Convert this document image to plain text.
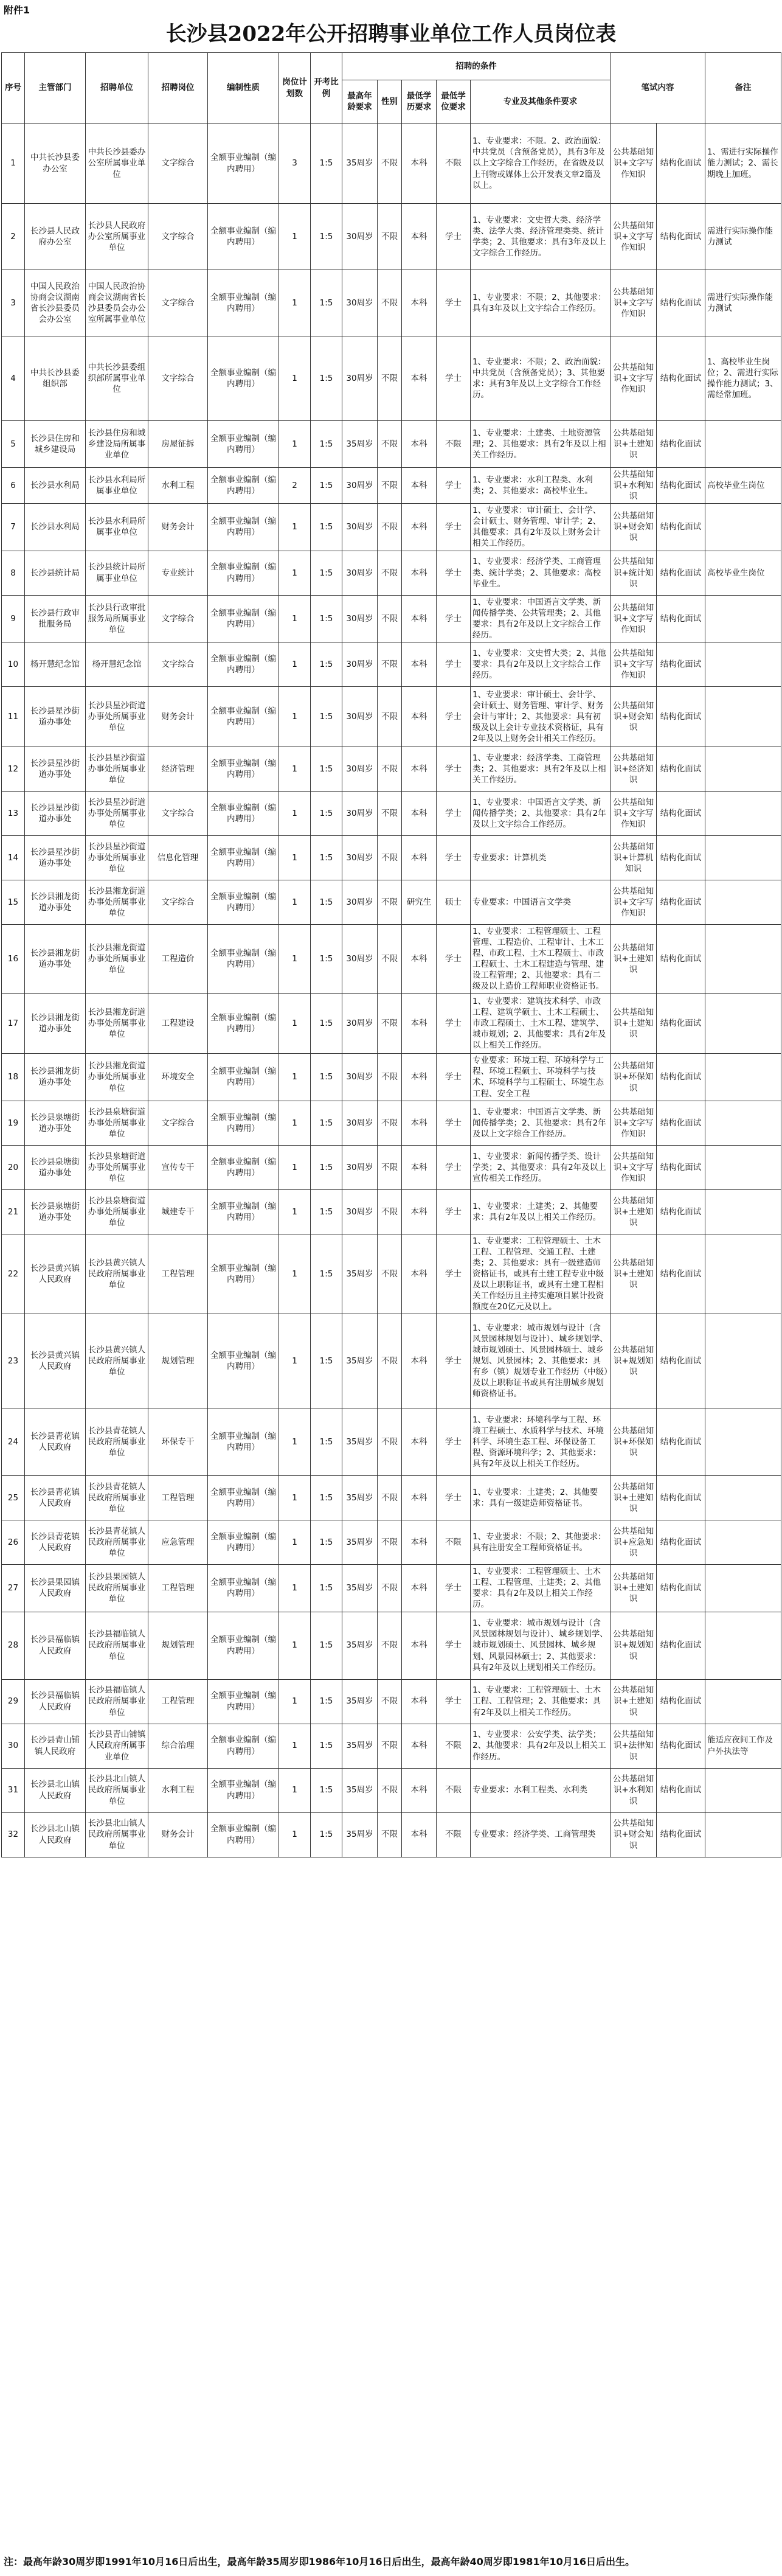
附件1
长沙县2022年公开招聘事业单位工作人员岗位表
序号	主管部门	招聘单位	招聘岗位	编制性质	岗位计划数	开考比例	招聘的条件					笔试内容		备注
							最高年龄要求	性别	最低学历要求	最低学位要求	专业及其他条件要求			
1	中共长沙县委办公室	中共长沙县委办公室所属事业单位	文字综合	全额事业编制（编内聘用）	3	1:5	35周岁	不限	本科	不限	1、专业要求：不限。2、政治面貌：中共党员（含预备党员），具有3年及以上文字综合工作经历，在省级及以上刊物或媒体上公开发表文章2篇及以上。	公共基础知识+文字写作知识	结构化面试	1、需进行实际操作能力测试；2、需长期晚上加班。
2	长沙县人民政府办公室	长沙县人民政府办公室所属事业单位	文字综合	全额事业编制（编内聘用）	1	1:5	30周岁	不限	本科	学士	1、专业要求：文史哲大类、经济学类、法学大类、经济管理类类、统计学类；2、其他要求：具有3年及以上文字综合工作经历。	公共基础知识+文字写作知识	结构化面试	需进行实际操作能力测试
3	中国人民政治协商会议湖南省长沙县委员会办公室	中国人民政治协商会议湖南省长沙县委员会办公室所属事业单位	文字综合	全额事业编制（编内聘用）	1	1:5	30周岁	不限	本科	学士	1、专业要求：不限；2、其他要求：具有3年及以上文字综合工作经历。	公共基础知识+文字写作知识	结构化面试	需进行实际操作能力测试
4	中共长沙县委组织部	中共长沙县委组织部所属事业单位	文字综合	全额事业编制（编内聘用）	1	1:5	30周岁	不限	本科	学士	1、专业要求：不限；2、政治面貌：中共党员（含预备党员）；3、其他要求：具有3年及以上文字综合工作经历。	公共基础知识+文字写作知识	结构化面试	1、高校毕业生岗位；2、需进行实际操作能力测试；3、需经常加班。
5	长沙县住房和城乡建设局	长沙县住房和城乡建设局所属事业单位	房屋征拆	全额事业编制（编内聘用）	1	1:5	35周岁	不限	本科	不限	1、专业要求：土建类、土地资源管理；2、其他要求：具有2年及以上相关工作经历。	公共基础知识+土建知识	结构化面试	
6	长沙县水利局	长沙县水利局所属事业单位	水利工程	全额事业编制（编内聘用）	2	1:5	30周岁	不限	本科	学士	1、专业要求：水利工程类、水利类；2、其他要求：高校毕业生。	公共基础知识+水利知识	结构化面试	高校毕业生岗位
7	长沙县水利局	长沙县水利局所属事业单位	财务会计	全额事业编制（编内聘用）	1	1:5	30周岁	不限	本科	学士	1、专业要求：审计硕士、会计学、会计硕士、财务管理、审计学；2、其他要求：具有2年及以上财务会计相关工作经历。	公共基础知识+财会知识	结构化面试	
8	长沙县统计局	长沙县统计局所属事业单位	专业统计	全额事业编制（编内聘用）	1	1:5	30周岁	不限	本科	学士	1、专业要求：经济学类、工商管理类、统计学类；2、其他要求：高校毕业生。	公共基础知识+统计知识	结构化面试	高校毕业生岗位
9	长沙县行政审批服务局	长沙县行政审批服务局所属事业单位	文字综合	全额事业编制（编内聘用）	1	1:5	30周岁	不限	本科	学士	1、专业要求：中国语言文学类、新闻传播学类、公共管理类；2、其他要求：具有2年及以上文字综合工作经历。	公共基础知识+文字写作知识	结构化面试	
10	杨开慧纪念馆	杨开慧纪念馆	文字综合	全额事业编制（编内聘用）	1	1:5	30周岁	不限	本科	学士	1、专业要求：文史哲大类；2、其他要求：具有2年及以上文字综合工作经历。	公共基础知识+文字写作知识	结构化面试	
11	长沙县星沙街道办事处	长沙县星沙街道办事处所属事业单位	财务会计	全额事业编制（编内聘用）	1	1:5	30周岁	不限	本科	学士	1、专业要求：审计硕士、会计学、会计硕士、财务管理、审计学、财务会计与审计；2、其他要求：具有初级及以上会计专业技术资格证，具有2年及以上财务会计相关工作经历。	公共基础知识+财会知识	结构化面试	
12	长沙县星沙街道办事处	长沙县星沙街道办事处所属事业单位	经济管理	全额事业编制（编内聘用）	1	1:5	30周岁	不限	本科	学士	1、专业要求：经济学类、工商管理类；2、其他要求：具有2年及以上相关工作经历。	公共基础知识+经济知识	结构化面试	
13	长沙县星沙街道办事处	长沙县星沙街道办事处所属事业单位	文字综合	全额事业编制（编内聘用）	1	1:5	30周岁	不限	本科	学士	1、专业要求：中国语言文学类、新闻传播学类；2、其他要求：具有2年及以上文字综合工作经历。	公共基础知识+文字写作知识	结构化面试	
14	长沙县星沙街道办事处	长沙县星沙街道办事处所属事业单位	信息化管理	全额事业编制（编内聘用）	1	1:5	30周岁	不限	本科	学士	专业要求：计算机类	公共基础知识+计算机知识	结构化面试	
15	长沙县湘龙街道办事处	长沙县湘龙街道办事处所属事业单位	文字综合	全额事业编制（编内聘用）	1	1:5	30周岁	不限	研究生	硕士	专业要求：中国语言文学类	公共基础知识+文字写作知识	结构化面试	
16	长沙县湘龙街道办事处	长沙县湘龙街道办事处所属事业单位	工程造价	全额事业编制（编内聘用）	1	1:5	30周岁	不限	本科	学士	1、专业要求：工程管理硕士、工程管理、工程造价、工程审计、土木工程、市政工程、土木工程硕士、市政工程硕士、土木工程建造与管理、建设工程管理；2、其他要求：具有二级及以上造价工程师职业资格证书。	公共基础知识+土建知识	结构化面试	
17	长沙县湘龙街道办事处	长沙县湘龙街道办事处所属事业单位	工程建设	全额事业编制（编内聘用）	1	1:5	30周岁	不限	本科	学士	1、专业要求：建筑技术科学、市政工程、建筑学硕士、土木工程硕士、市政工程硕士、土木工程、建筑学、城市规划；2、其他要求：具有2年及以上相关工作经历。	公共基础知识+土建知识	结构化面试	
18	长沙县湘龙街道办事处	长沙县湘龙街道办事处所属事业单位	环境安全	全额事业编制（编内聘用）	1	1:5	30周岁	不限	本科	学士	专业要求：环境工程、环境科学与工程、环境工程硕士、环境科学与技术、环境科学与工程硕士、环境生态工程、安全工程	公共基础知识+环保知识	结构化面试	
19	长沙县泉塘街道办事处	长沙县泉塘街道办事处所属事业单位	文字综合	全额事业编制（编内聘用）	1	1:5	30周岁	不限	本科	学士	1、专业要求：中国语言文学类、新闻传播学类；2、其他要求：具有2年及以上文字综合工作经历。	公共基础知识+文字写作知识	结构化面试	
20	长沙县泉塘街道办事处	长沙县泉塘街道办事处所属事业单位	宣传专干	全额事业编制（编内聘用）	1	1:5	30周岁	不限	本科	学士	1、专业要求：新闻传播学类、设计学类；2、其他要求：具有2年及以上宣传相关工作经历。	公共基础知识+文字写作知识	结构化面试	
21	长沙县泉塘街道办事处	长沙县泉塘街道办事处所属事业单位	城建专干	全额事业编制（编内聘用）	1	1:5	30周岁	不限	本科	学士	1、专业要求：土建类；2、其他要求：具有2年及以上相关工作经历。	公共基础知识+土建知识	结构化面试	
22	长沙县黄兴镇人民政府	长沙县黄兴镇人民政府所属事业单位	工程管理	全额事业编制（编内聘用）	1	1:5	35周岁	不限	本科	学士	1、专业要求：工程管理硕士、土木工程、工程管理、交通工程、土建类；2、其他要求：具有一级建造师资格证书，或具有土建工程专业中级及以上职称证书，或具有土建工程相关工作经历且主持实施项目累计投资额度在20亿元及以上。	公共基础知识+土建知识	结构化面试	
23	长沙县黄兴镇人民政府	长沙县黄兴镇人民政府所属事业单位	规划管理	全额事业编制（编内聘用）	1	1:5	35周岁	不限	本科	学士	1、专业要求：城市规划与设计（含风景园林规划与设计）、城乡规划学、城市规划硕士、风景园林硕士、城乡规划、风景园林；2、其他要求：具有乡（镇）规划专业工作经历（中级）及以上职称证书或具有注册城乡规划师资格证书。	公共基础知识+规划知识	结构化面试	
24	长沙县青花镇人民政府	长沙县青花镇人民政府所属事业单位	环保专干	全额事业编制（编内聘用）	1	1:5	35周岁	不限	本科	学士	1、专业要求：环境科学与工程、环境工程硕士、水质科学与技术、环境科学、环境生态工程、环保设备工程、资源环境科学；2、其他要求：具有2年及以上相关工作经历。	公共基础知识+环保知识	结构化面试	
25	长沙县青花镇人民政府	长沙县青花镇人民政府所属事业单位	工程管理	全额事业编制（编内聘用）	1	1:5	35周岁	不限	本科	学士	1、专业要求：土建类；2、其他要求：具有一级建造师资格证书。	公共基础知识+土建知识	结构化面试	
26	长沙县青花镇人民政府	长沙县青花镇人民政府所属事业单位	应急管理	全额事业编制（编内聘用）	1	1:5	35周岁	不限	本科	不限	1、专业要求：不限；2、其他要求：具有注册安全工程师资格证书。	公共基础知识+应急知识	结构化面试	
27	长沙县果园镇人民政府	长沙县果园镇人民政府所属事业单位	工程管理	全额事业编制（编内聘用）	1	1:5	35周岁	不限	本科	学士	1、专业要求：工程管理硕士、土木工程、工程管理、土建类；2、其他要求：具有2年及以上相关工作经历。	公共基础知识+土建知识	结构化面试	
28	长沙县福临镇人民政府	长沙县福临镇人民政府所属事业单位	规划管理	全额事业编制（编内聘用）	1	1:5	35周岁	不限	本科	学士	1、专业要求：城市规划与设计（含风景园林规划与设计）、城乡规划学、城市规划硕士、风景园林、城乡规划、风景园林硕士；2、其他要求：具有2年及以上规划相关工作经历。	公共基础知识+规划知识	结构化面试	
29	长沙县福临镇人民政府	长沙县福临镇人民政府所属事业单位	工程管理	全额事业编制（编内聘用）	1	1:5	35周岁	不限	本科	学士	1、专业要求：工程管理硕士、土木工程、工程管理；2、其他要求：具有2年及以上相关工作经历。	公共基础知识+土建知识	结构化面试	
30	长沙县青山铺镇人民政府	长沙县青山铺镇人民政府所属事业单位	综合治理	全额事业编制（编内聘用）	1	1:5	35周岁	不限	本科	不限	1、专业要求：公安学类、法学类；2、其他要求：具有2年及以上相关工作经历。	公共基础知识+法律知识	结构化面试	能适应夜间工作及户外执法等
31	长沙县北山镇人民政府	长沙县北山镇人民政府所属事业单位	水利工程	全额事业编制（编内聘用）	1	1:5	35周岁	不限	本科	不限	专业要求：水利工程类、水利类	公共基础知识+水利知识	结构化面试	
32	长沙县北山镇人民政府	长沙县北山镇人民政府所属事业单位	财务会计	全额事业编制（编内聘用）	1	1:5	35周岁	不限	本科	不限	专业要求：经济学类、工商管理类	公共基础知识+财会知识	结构化面试	
注：最高年龄30周岁即1991年10月16日后出生，最高年龄35周岁即1986年10月16日后出生，最高年龄40周岁即1981年10月16日后出生。
